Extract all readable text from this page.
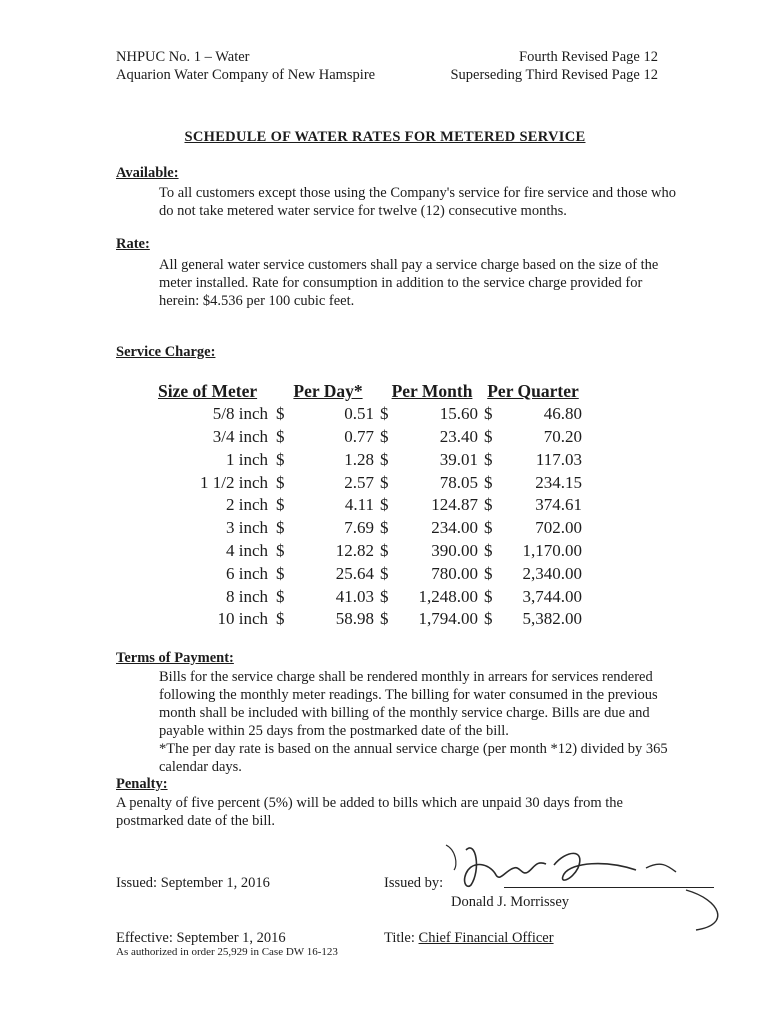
NHPUC No. 1 – Water
Aquarion Water Company of New Hamspire
Fourth Revised Page 12
Superseding Third Revised Page 12
SCHEDULE OF WATER RATES FOR METERED SERVICE
Available:
To all customers except those using the Company's service for fire service and those who
do not take metered water service for twelve (12) consecutive months.
Rate:
All general water service customers shall pay a service charge based on the size of the
meter installed. Rate for consumption in addition to the service charge provided for
herein: $4.536 per 100 cubic feet.
Service Charge:
Size of Meter	Per Day*		Per Month		Per Quarter	
5/8 inch	$	0.51	$	15.60	$	46.80
3/4 inch	$	0.77	$	23.40	$	70.20
1 inch	$	1.28	$	39.01	$	117.03
1 1/2 inch	$	2.57	$	78.05	$	234.15
2 inch	$	4.11	$	124.87	$	374.61
3 inch	$	7.69	$	234.00	$	702.00
4 inch	$	12.82	$	390.00	$	1,170.00
6 inch	$	25.64	$	780.00	$	2,340.00
8 inch	$	41.03	$	1,248.00	$	3,744.00
10 inch	$	58.98	$	1,794.00	$	5,382.00
Terms of Payment:
Bills for the service charge shall be rendered monthly in arrears for services rendered
following the monthly meter readings. The billing for water consumed in the previous
month shall be included with billing of the monthly service charge. Bills are due and
payable within 25 days from the postmarked date of the bill.
*The per day rate is based on the annual service charge (per month *12) divided by 365
calendar days.
Penalty:
A penalty of five percent (5%) will be added to bills which are unpaid 30 days from the
postmarked date of the bill.
Issued: September 1, 2016	Issued by:
Donald J. Morrissey
Effective: September 1, 2016	Title: Chief Financial Officer
As authorized in order 25,929 in Case DW 16-123
